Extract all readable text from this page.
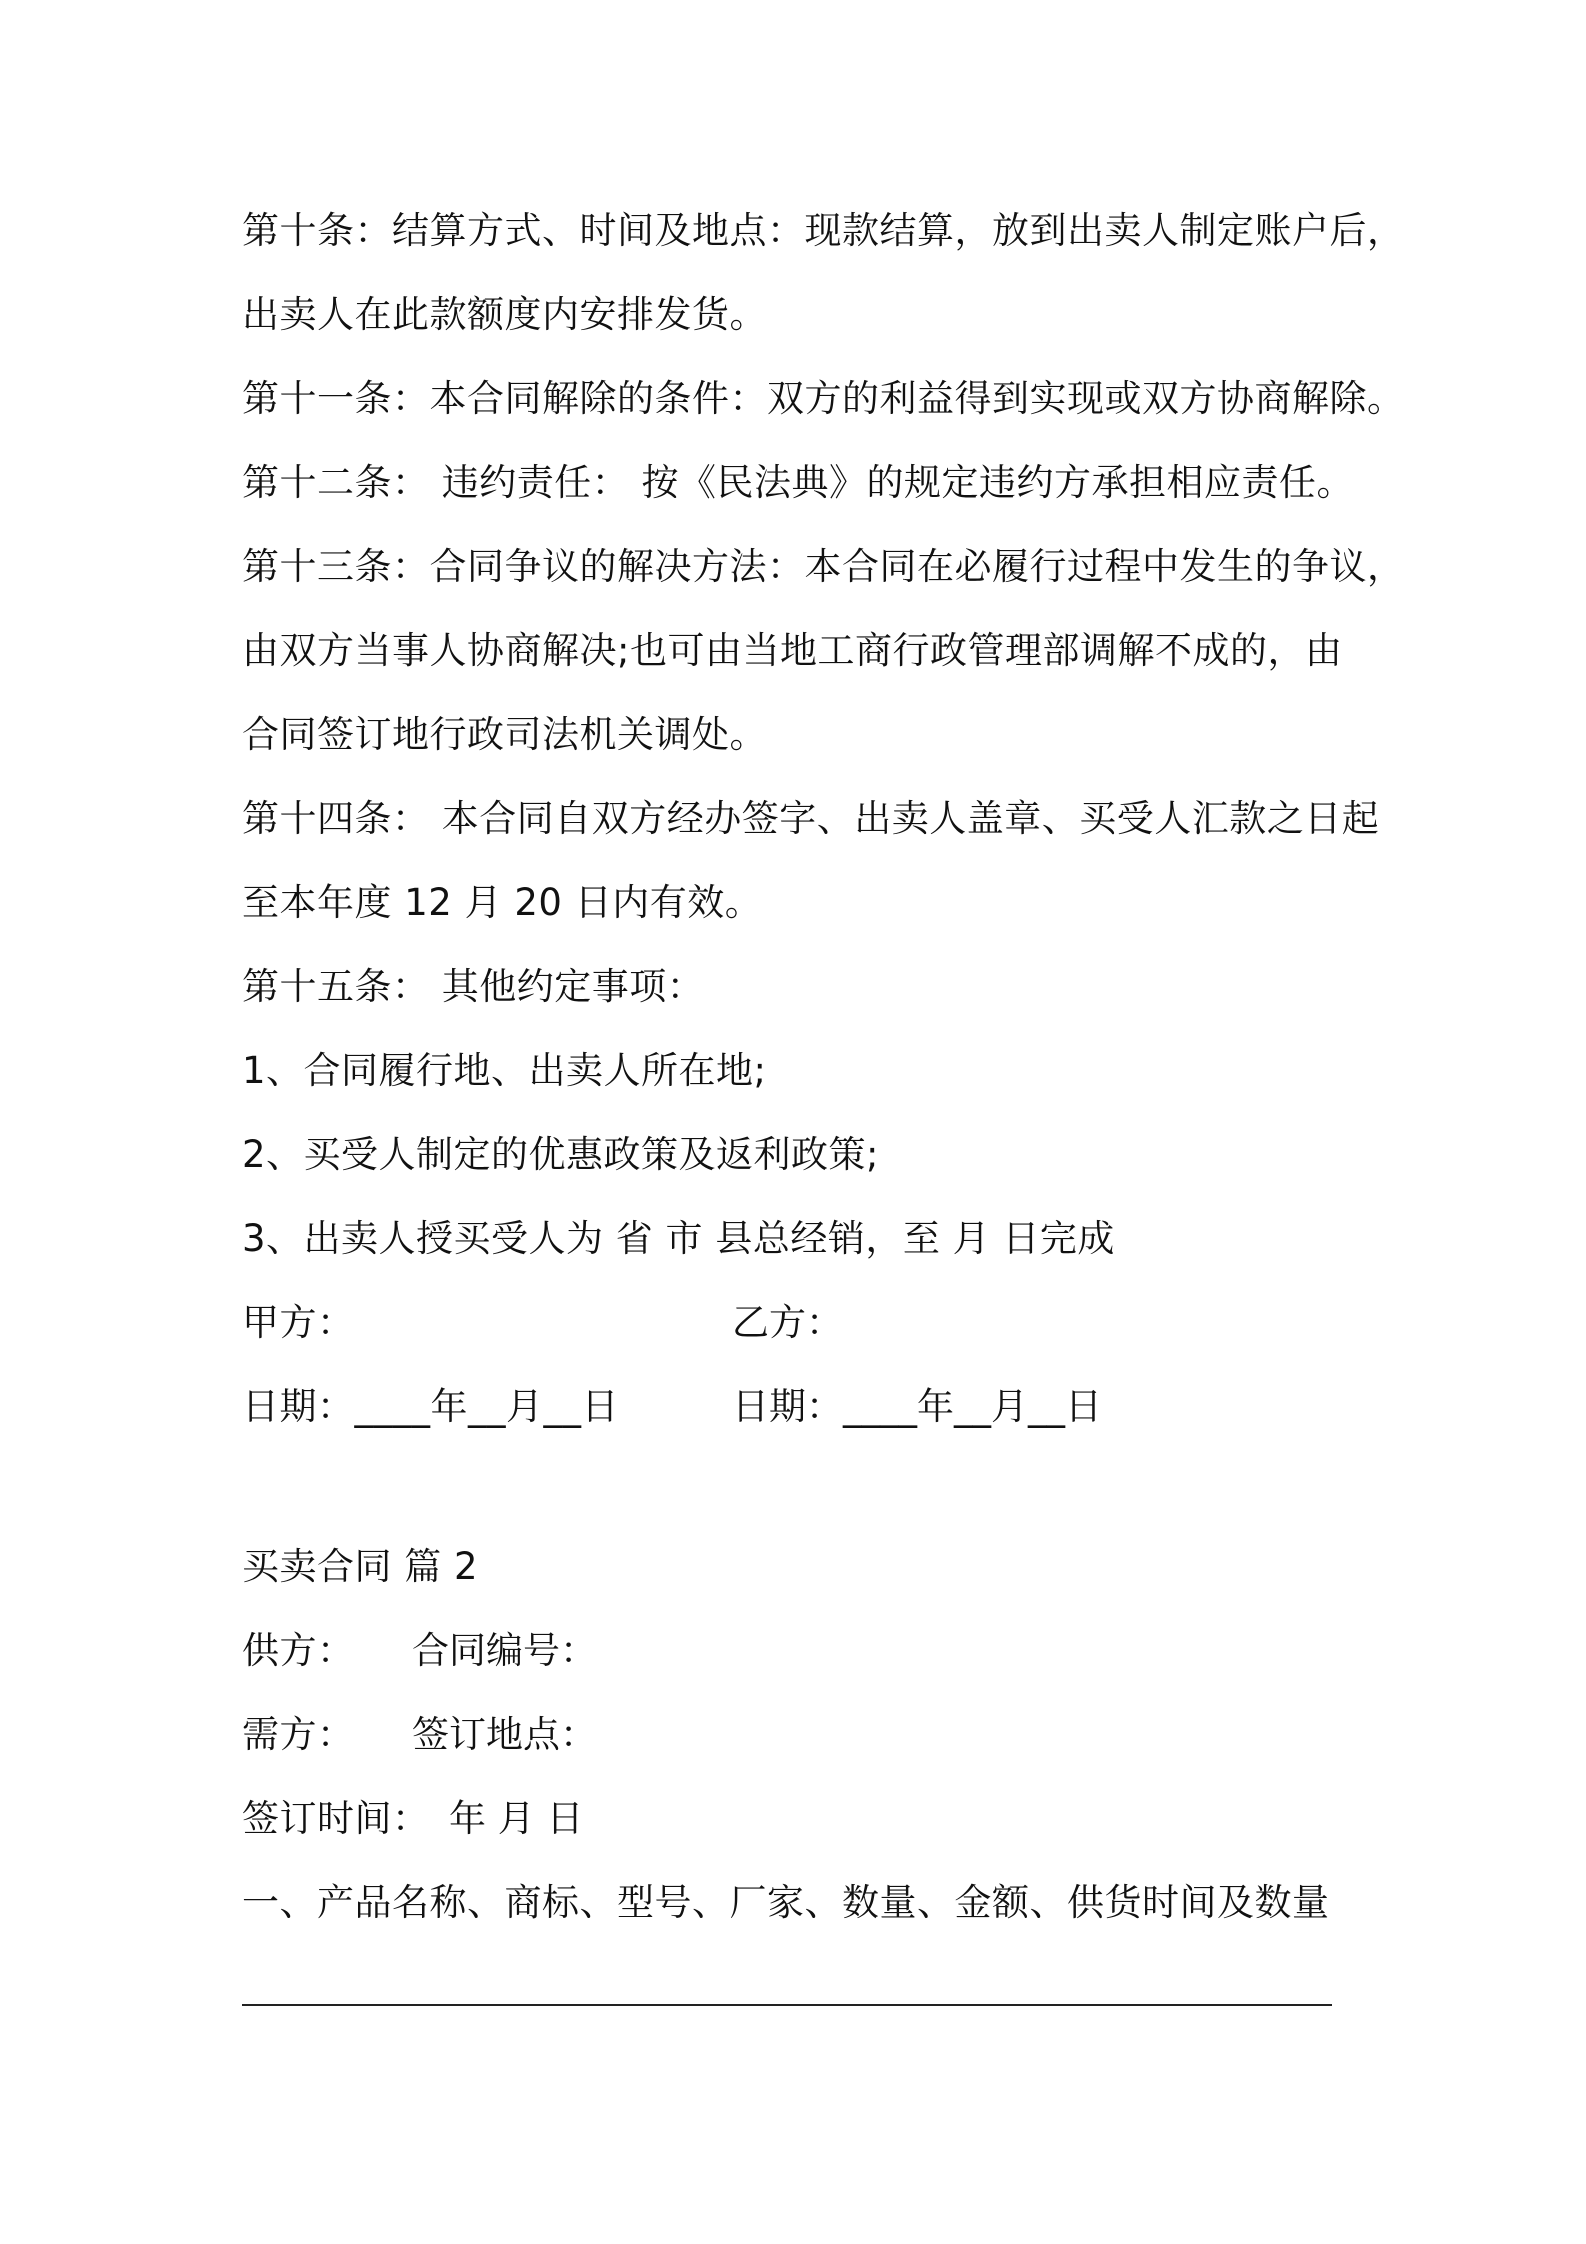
第十条：结算方式、时间及地点：现款结算，放到出卖人制定账户后，
出卖人在此款额度内安排发货。
第十一条：本合同解除的条件：双方的利益得到实现或双方协商解除。
第十二条： 违约责任： 按《民法典》的规定违约方承担相应责任。
第十三条：合同争议的解决方法：本合同在必履行过程中发生的争议，
由双方当事人协商解决;也可由当地工商行政管理部调解不成的，由
合同签订地行政司法机关调处。
第十四条： 本合同自双方经办签字、出卖人盖章、买受人汇款之日起
至本年度 12 月 20 日内有效。
第十五条： 其他约定事项：
1、合同履行地、出卖人所在地;
2、买受人制定的优惠政策及返利政策;
3、出卖人授买受人为 省 市 县总经销，至 月 日完成
甲方：	乙方：
日期：____年__月__日	日期：____年__月__日
买卖合同 篇 2
供方： 合同编号：
需方： 签订地点：
签订时间： 年 月 日
一、产品名称、商标、型号、厂家、数量、金额、供货时间及数量
